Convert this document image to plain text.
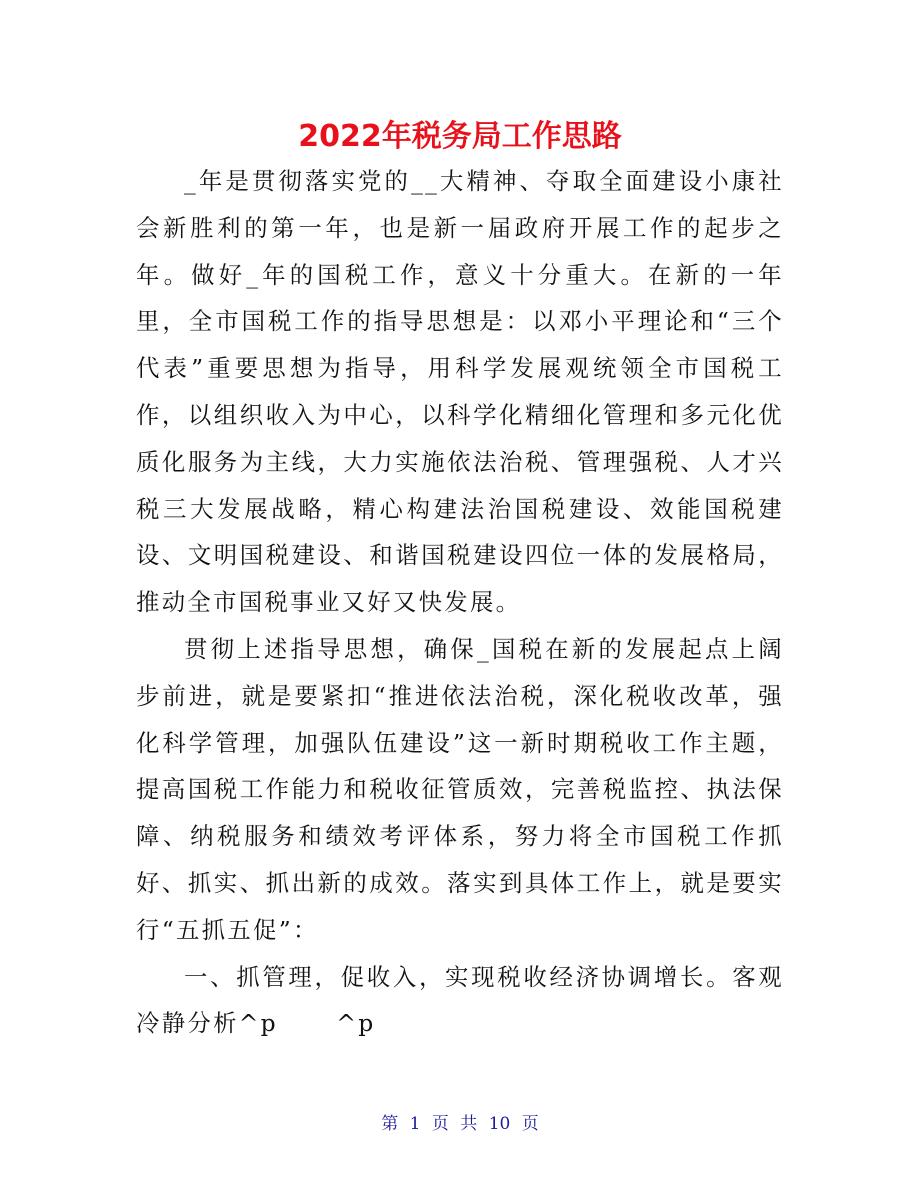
2022年税务局工作思路

_年是贯彻落实党的__大精神、夺取全面建设小康社会新胜利的第一年，也是新一届政府开展工作的起步之年。做好_年的国税工作，意义十分重大。在新的一年里，全市国税工作的指导思想是：以邓小平理论和“三个代表”重要思想为指导，用科学发展观统领全市国税工作，以组织收入为中心，以科学化精细化管理和多元化优质化服务为主线，大力实施依法治税、管理强税、人才兴税三大发展战略，精心构建法治国税建设、效能国税建设、文明国税建设、和谐国税建设四位一体的发展格局，推动全市国税事业又好又快发展。

贯彻上述指导思想，确保_国税在新的发展起点上阔步前进，就是要紧扣“推进依法治税，深化税收改革，强化科学管理，加强队伍建设”这一新时期税收工作主题，提高国税工作能力和税收征管质效，完善税监控、执法保障、纳税服务和绩效考评体系，努力将全市国税工作抓好、抓实、抓出新的成效。落实到具体工作上，就是要实行“五抓五促”：

一、抓管理，促收入，实现税收经济协调增长。客观冷静分析^p      ^p

第 1 页 共 10 页
